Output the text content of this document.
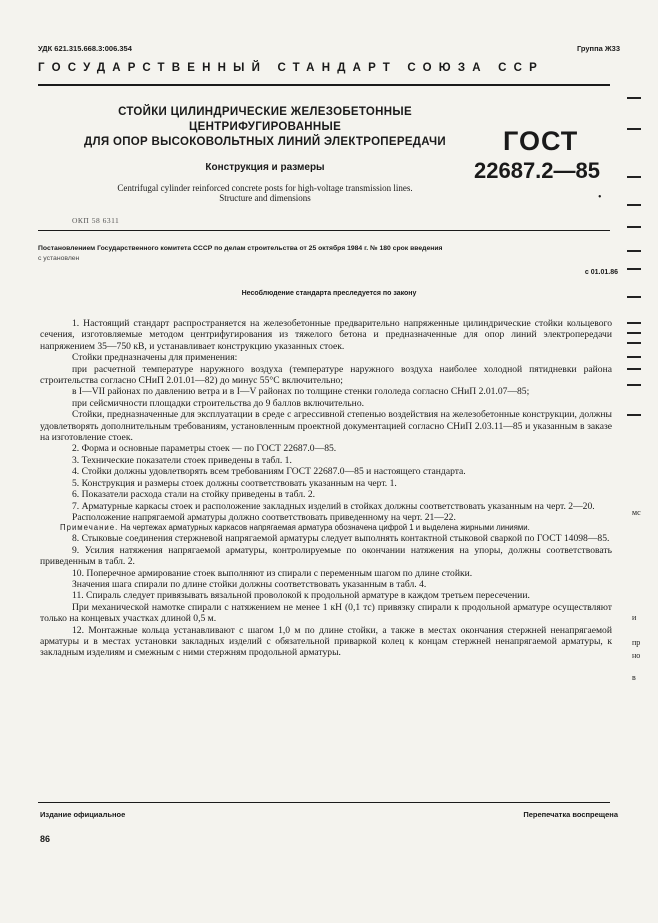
УДК 621.315.668.3:006.354	Группа Ж33
ГОСУДАРСТВЕННЫЙ СТАНДАРТ СОЮЗА ССР
СТОЙКИ ЦИЛИНДРИЧЕСКИЕ ЖЕЛЕЗОБЕТОННЫЕ
ЦЕНТРИФУГИРОВАННЫЕ
ДЛЯ ОПОР ВЫСОКОВОЛЬТНЫХ ЛИНИЙ ЭЛЕКТРОПЕРЕДАЧИ
Конструкция и размеры
Centrifugal cylinder reinforced concrete posts for high-voltage transmission lines.
Structure and dimensions
ГОСТ
22687.2—85
•
ОКП 58 6311
Постановлением Государственного комитета СССР по делам строительства от 25 октября 1984 г. № 180 срок введения
с установлен
с 01.01.86
Несоблюдение стандарта преследуется по закону

1. Настоящий стандарт распространяется на железобетонные предварительно напряженные цилиндрические стойки кольцевого сечения, изготовляемые методом центрифугирования из тяжелого бетона и предназначенные для опор линий электропередачи напряжением 35—750 кВ, и устанавливает конструкцию указанных стоек.

Стойки предназначены для применения:

при расчетной температуре наружного воздуха (температуре наружного воздуха наиболее холодной пятидневки района строительства согласно СНиП 2.01.01—82) до минус 55°С включительно;

в I—VII районах по давлению ветра и в I—V районах по толщине стенки гололеда согласно СНиП 2.01.07—85;

при сейсмичности площадки строительства до 9 баллов включительно.

Стойки, предназначенные для эксплуатации в среде с агрессивной степенью воздействия на железобетонные конструкции, должны удовлетворять дополнительным требованиям, установленным проектной документацией согласно СНиП 2.03.11—85 и указанным в заказе на изготовление стоек.

2. Форма и основные параметры стоек — по ГОСТ 22687.0—85.

3. Технические показатели стоек приведены в табл. 1.

4. Стойки должны удовлетворять всем требованиям ГОСТ 22687.0—85 и настоящего стандарта.

5. Конструкция и размеры стоек должны соответствовать указанным на черт. 1.

6. Показатели расхода стали на стойку приведены в табл. 2.

7. Арматурные каркасы стоек и расположение закладных изделий в стойках должны соответствовать указанным на черт. 2—20.

Расположение напрягаемой арматуры должно соответствовать приведенному на черт. 21—22.

Примечание. На чертежах арматурных каркасов напрягаемая арматура обозначена цифрой 1 и выделена жирными линиями.

8. Стыковые соединения стержневой напрягаемой арматуры следует выполнять контактной стыковой сваркой по ГОСТ 14098—85.

9. Усилия натяжения напрягаемой арматуры, контролируемые по окончании натяжения на упоры, должны соответствовать приведенным в табл. 2.

10. Поперечное армирование стоек выполняют из спирали с переменным шагом по длине стойки.

Значения шага спирали по длине стойки должны соответствовать указанным в табл. 4.

11. Спираль следует привязывать вязальной проволокой к продольной арматуре в каждом третьем пересечении.

При механической намотке спирали с натяжением не менее 1 кН (0,1 тс) привязку спирали к продольной арматуре осуществляют только на концевых участках длиной 0,5 м.

12. Монтажные кольца устанавливают с шагом 1,0 м по длине стойки, а также в местах окончания стержней ненапрягаемой арматуры и в местах установки закладных изделий с обязательной приваркой колец к концам стержней ненапрягаемой арматуры, к закладным изделиям и смежным с ними стержням продольной арматуры.

Издание официальное	Перепечатка воспрещена
86
мс
и
пр
но
в
